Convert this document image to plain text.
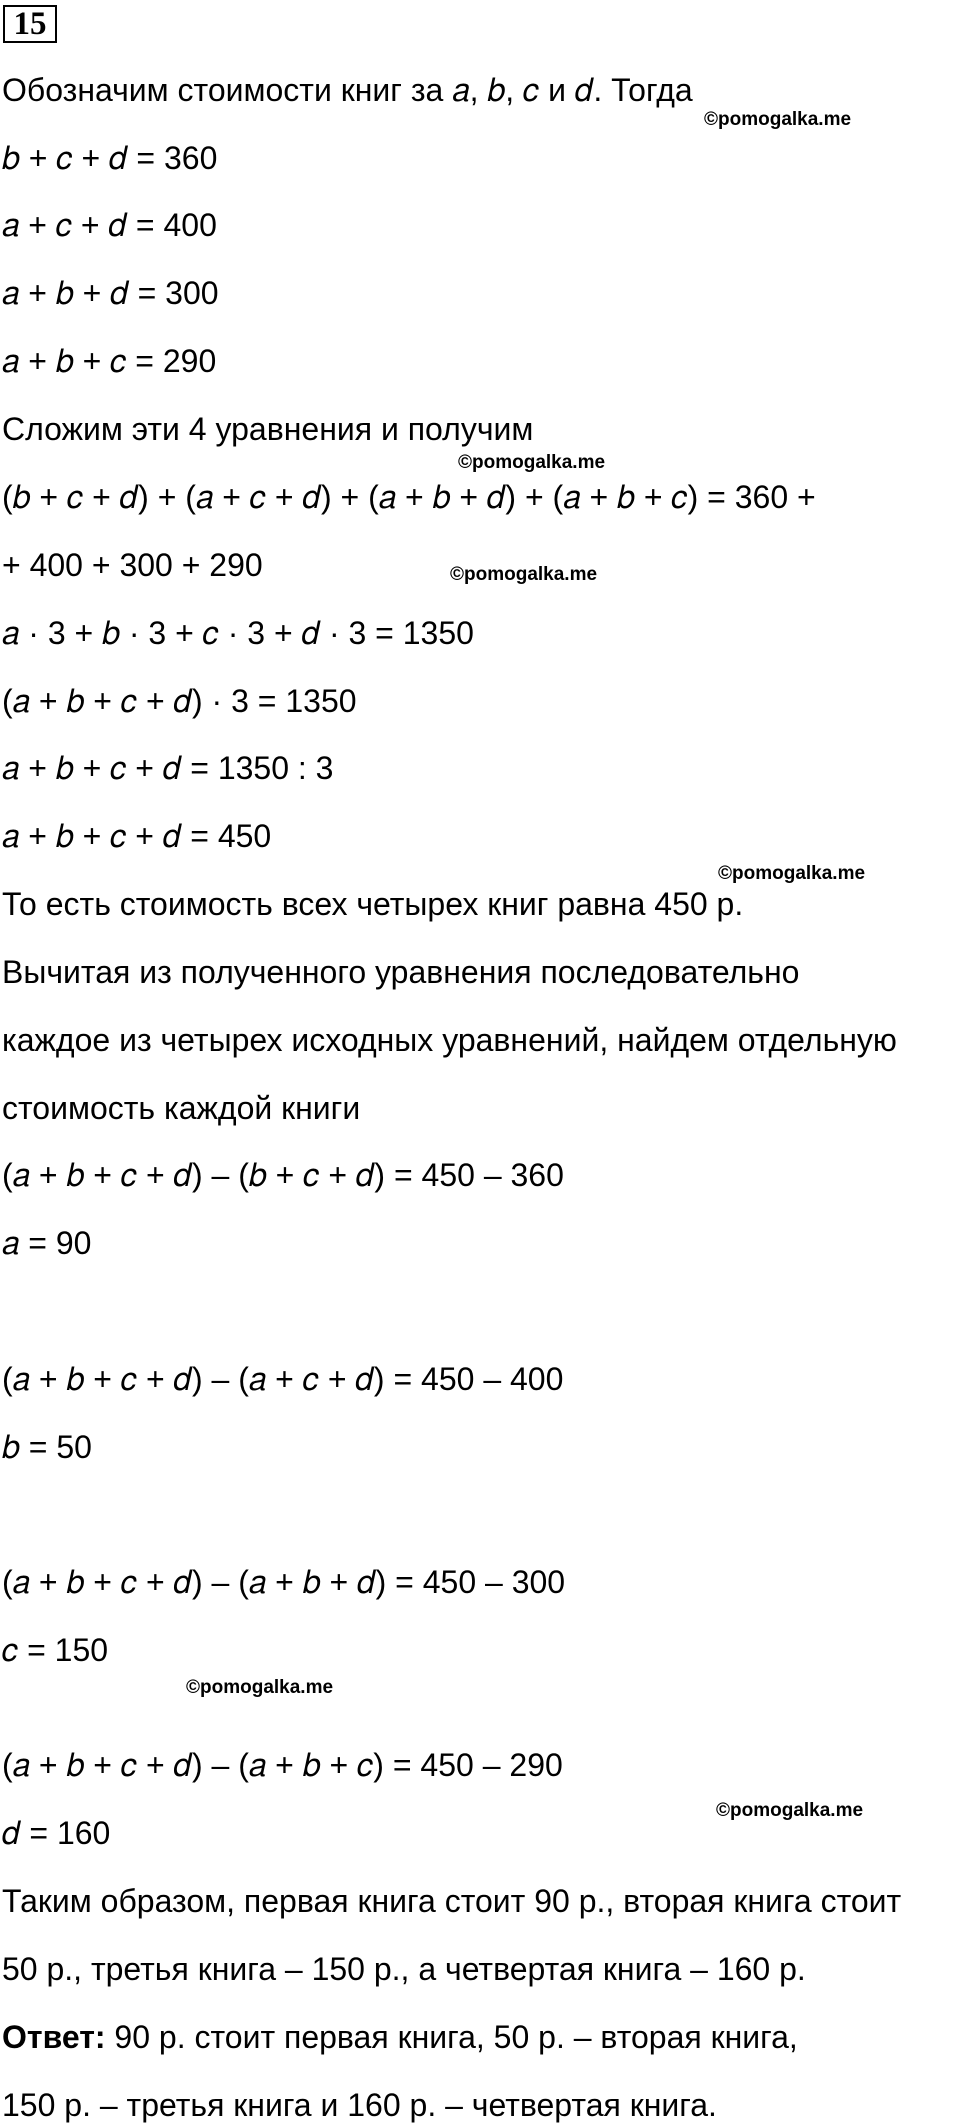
15
Обозначим стоимости книг за 𝑎, 𝑏, 𝑐 и 𝑑. Тогда
𝑏 + 𝑐 + 𝑑 = 360
𝑎 + 𝑐 + 𝑑 = 400
𝑎 + 𝑏 + 𝑑 = 300
𝑎 + 𝑏 + 𝑐 = 290
Сложим эти 4 уравнения и получим
(𝑏 + 𝑐 + 𝑑) + (𝑎 + 𝑐 + 𝑑) + (𝑎 + 𝑏 + 𝑑) + (𝑎 + 𝑏 + 𝑐) = 360 +
+ 400 + 300 + 290
𝑎 · 3 + 𝑏 · 3 + 𝑐 · 3 + 𝑑 · 3 = 1350
(𝑎 + 𝑏 + 𝑐 + 𝑑) · 3 = 1350
𝑎 + 𝑏 + 𝑐 + 𝑑 = 1350 : 3
𝑎 + 𝑏 + 𝑐 + 𝑑 = 450
То есть стоимость всех четырех книг равна 450 р.
Вычитая из полученного уравнения последовательно
каждое из четырех исходных уравнений, найдем отдельную
стоимость каждой книги
(𝑎 + 𝑏 + 𝑐 + 𝑑) – (𝑏 + 𝑐 + 𝑑) = 450 – 360
𝑎 = 90
(𝑎 + 𝑏 + 𝑐 + 𝑑) – (𝑎 + 𝑐 + 𝑑) = 450 – 400
𝑏 = 50
(𝑎 + 𝑏 + 𝑐 + 𝑑) – (𝑎 + 𝑏 + 𝑑) = 450 – 300
𝑐 = 150
(𝑎 + 𝑏 + 𝑐 + 𝑑) – (𝑎 + 𝑏 + 𝑐) = 450 – 290
𝑑 = 160
Таким образом, первая книга стоит 90 р., вторая книга стоит
50 р., третья книга – 150 р., а четвертая книга – 160 р.
Ответ: 90 р. стоит первая книга, 50 р. – вторая книга,
150 р. – третья книга и 160 р. – четвертая книга.
©pomogalka.me
©pomogalka.me
©pomogalka.me
©pomogalka.me
©pomogalka.me
©pomogalka.me
